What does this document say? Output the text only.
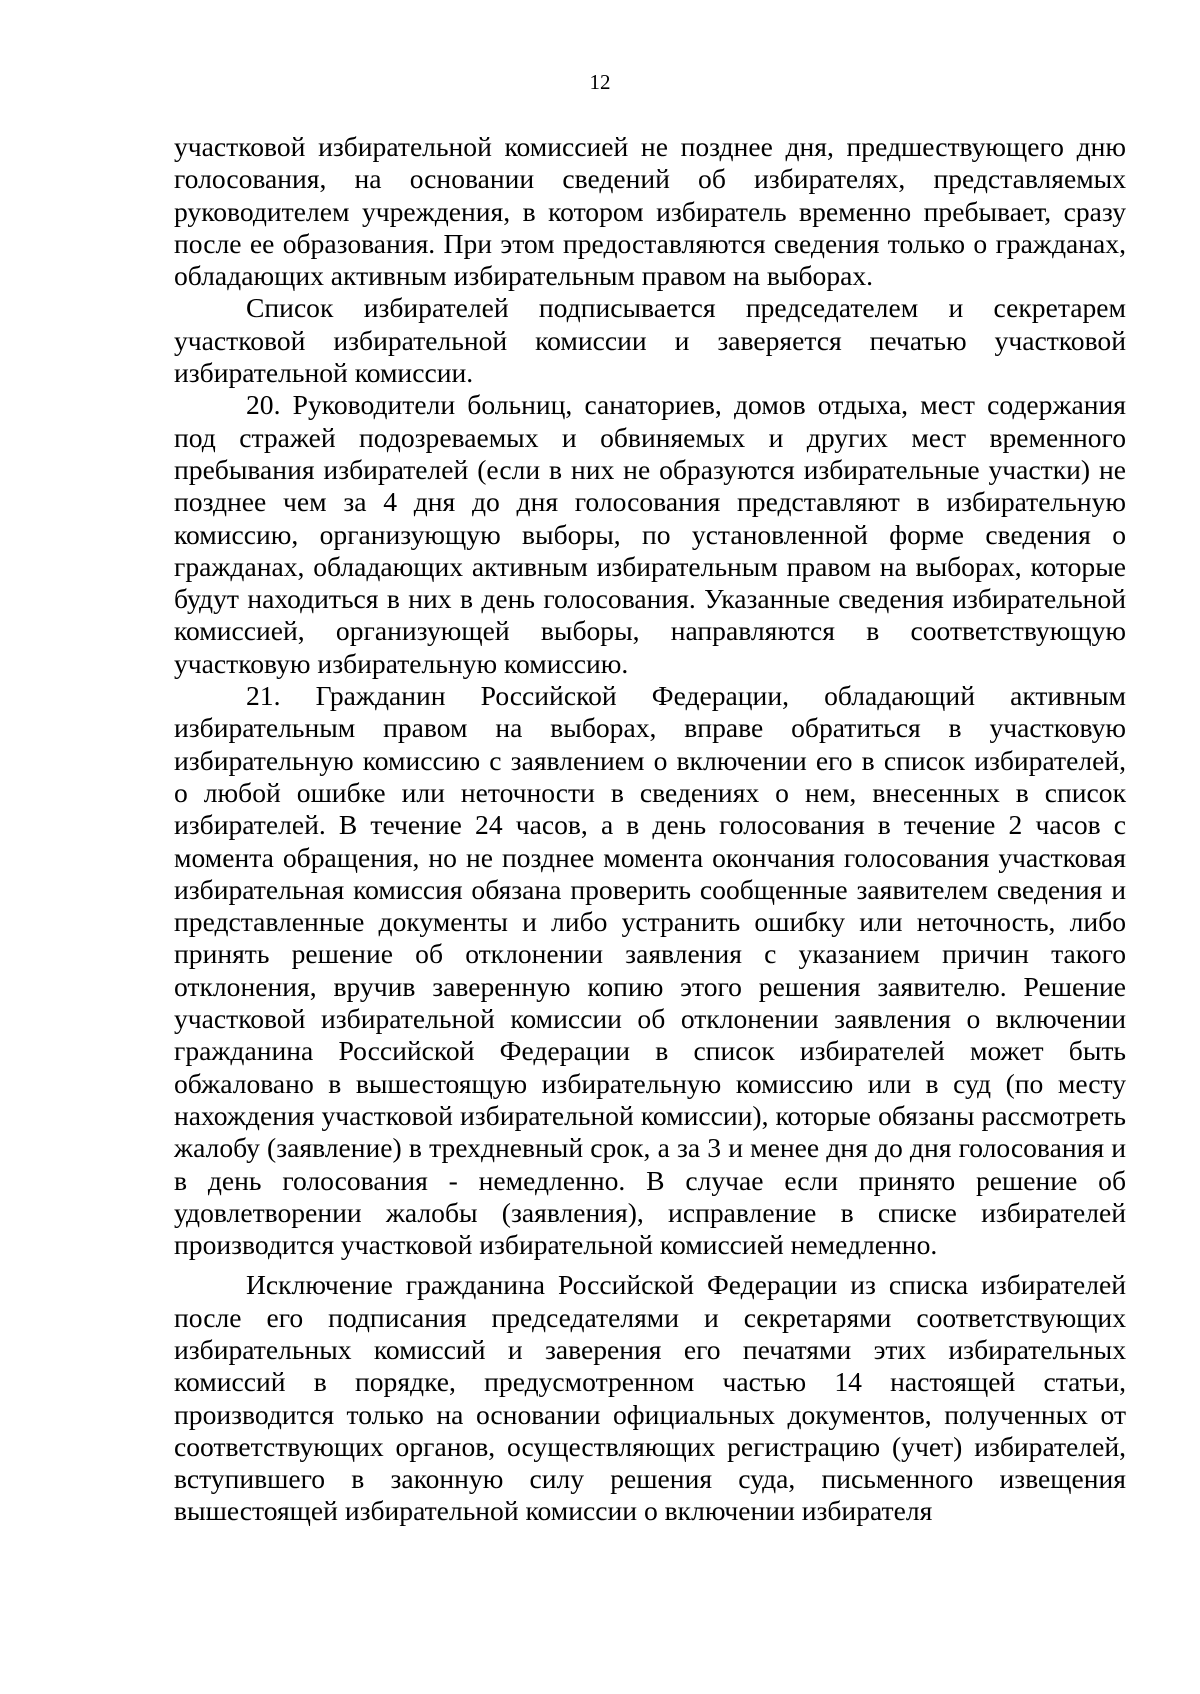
12

участковой избирательной комиссией не позднее дня, предшествующего дню голосования, на основании сведений об избирателях, представляемых руководителем учреждения, в котором избиратель временно пребывает, сразу после ее образования. При этом предоставляются сведения только о гражданах, обладающих активным избирательным правом на выборах.

Список избирателей подписывается председателем и секретарем участковой избирательной комиссии и заверяется печатью участковой избирательной комиссии.

20. Руководители больниц, санаториев, домов отдыха, мест содержания под стражей подозреваемых и обвиняемых и других мест временного пребывания избирателей (если в них не образуются избирательные участки) не позднее чем за 4 дня до дня голосования представляют в избирательную комиссию, организующую выборы, по установленной форме сведения о гражданах, обладающих активным избирательным правом на выборах, которые будут находиться в них в день голосования. Указанные сведения избирательной комиссией, организующей выборы, направляются в соответствующую участковую избирательную комиссию.

21. Гражданин Российской Федерации, обладающий активным избирательным правом на выборах, вправе обратиться в участковую избирательную комиссию с заявлением о включении его в список избирателей, о любой ошибке или неточности в сведениях о нем, внесенных в список избирателей. В течение 24 часов, а в день голосования в течение 2 часов с момента обращения, но не позднее момента окончания голосования участковая избирательная комиссия обязана проверить сообщенные заявителем сведения и представленные документы и либо устранить ошибку или неточность, либо принять решение об отклонении заявления с указанием причин такого отклонения, вручив заверенную копию этого решения заявителю. Решение участковой избирательной комиссии об отклонении заявления о включении гражданина Российской Федерации в список избирателей может быть обжаловано в вышестоящую избирательную комиссию или в суд (по месту нахождения участковой избирательной комиссии), которые обязаны рассмотреть жалобу (заявление) в трехдневный срок, а за 3 и менее дня до дня голосования и в день голосования - немедленно. В случае если принято решение об удовлетворении жалобы (заявления), исправление в списке избирателей производится участковой избирательной комиссией немедленно.

Исключение гражданина Российской Федерации из списка избирателей после его подписания председателями и секретарями соответствующих избирательных комиссий и заверения его печатями этих избирательных комиссий в порядке, предусмотренном частью 14 настоящей статьи, производится только на основании официальных документов, полученных от соответствующих органов, осуществляющих регистрацию (учет) избирателей, вступившего в законную силу решения суда, письменного извещения вышестоящей избирательной комиссии о включении избирателя
